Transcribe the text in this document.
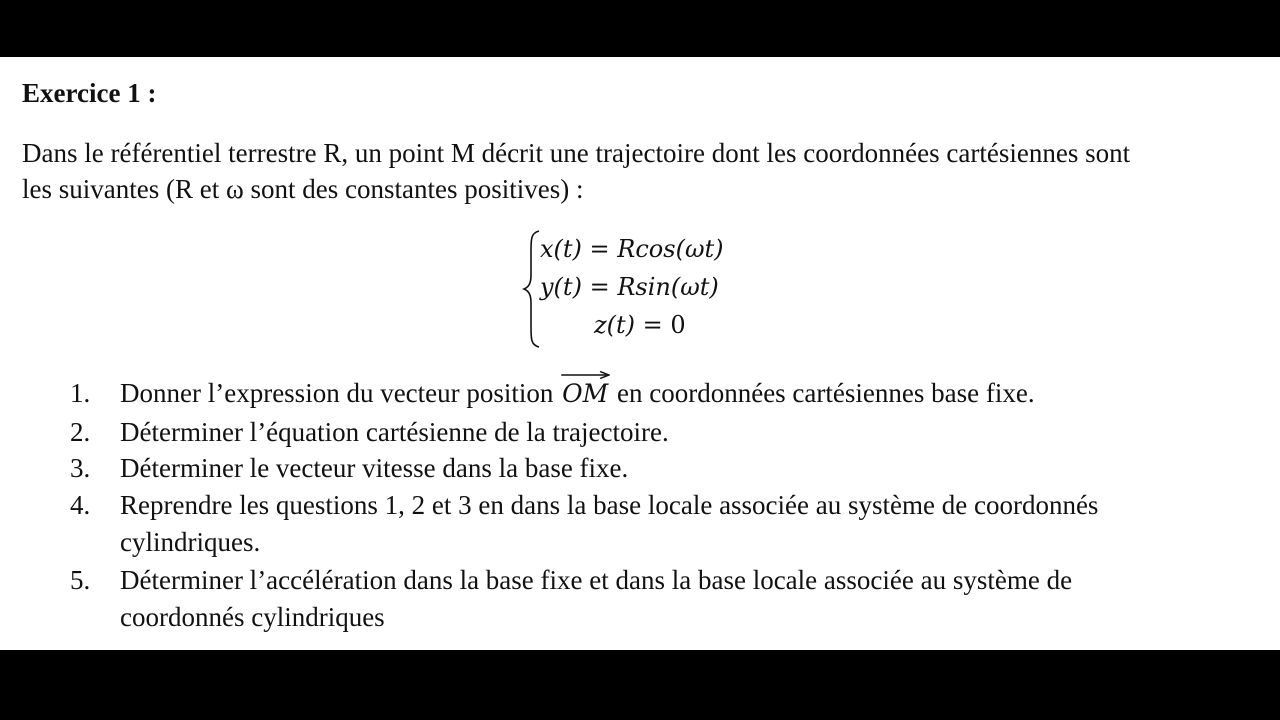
Exercice 1 :
Dans le référentiel terrestre R, un point M décrit une trajectoire dont les coordonnées cartésiennes sont
les suivantes (R et ω sont des constantes positives) :
x(t) = Rcos(ωt)
y(t) = Rsin(ωt)
z(t) = 0
1. Donner l’expression du vecteur position OM en coordonnées cartésiennes base fixe.
2. Déterminer l’équation cartésienne de la trajectoire.
3. Déterminer le vecteur vitesse dans la base fixe.
4. Reprendre les questions 1, 2 et 3 en dans la base locale associée au système de coordonnés
cylindriques.
5. Déterminer l’accélération dans la base fixe et dans la base locale associée au système de
coordonnés cylindriques
